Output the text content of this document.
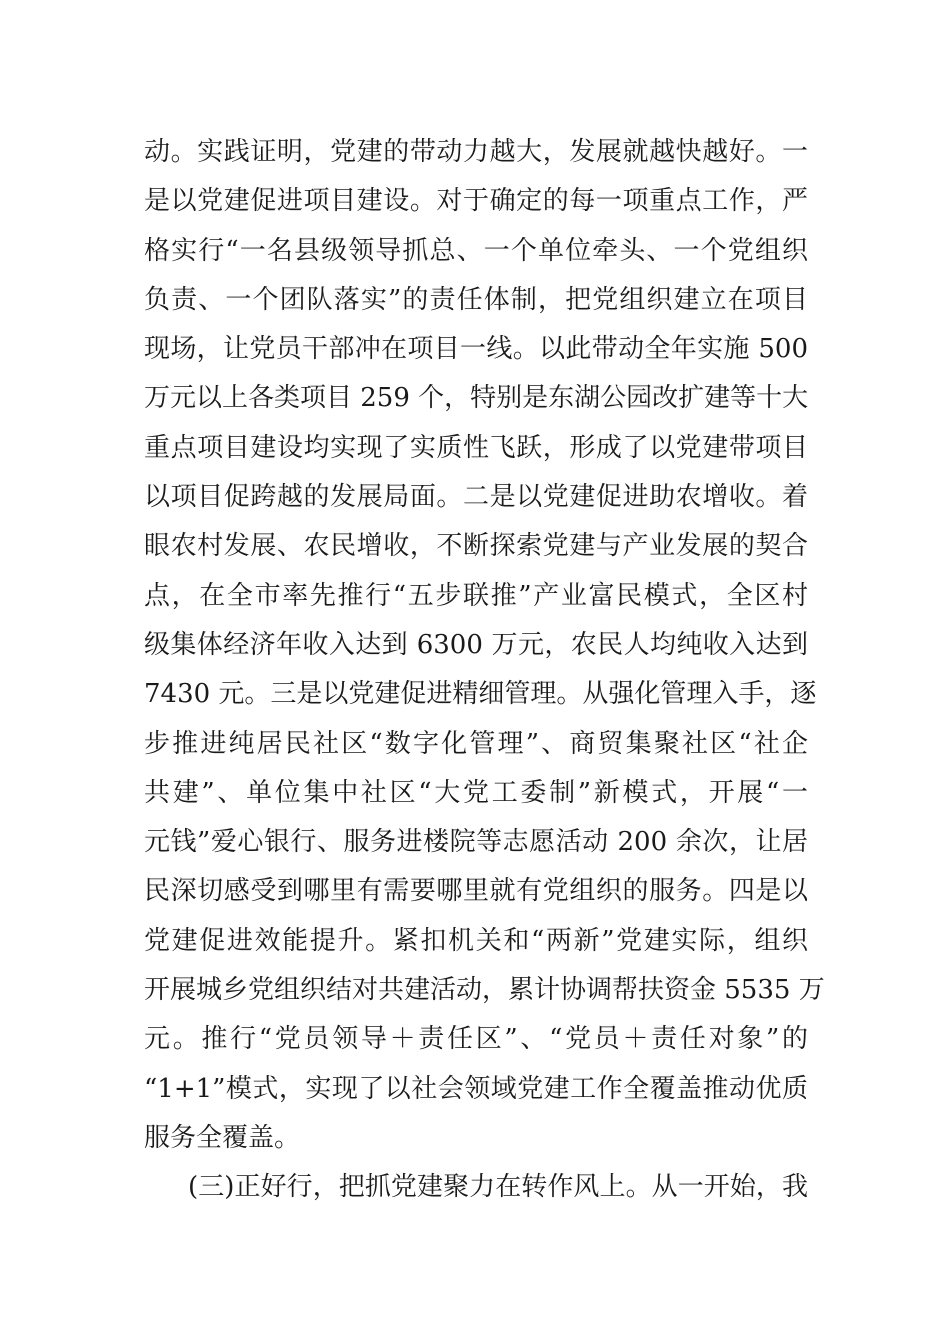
动。实践证明，党建的带动力越大，发展就越快越好。一
是以党建促进项目建设。对于确定的每一项重点工作，严
格实行“一名县级领导抓总、一个单位牵头、一个党组织
负责、一个团队落实”的责任体制，把党组织建立在项目
现场，让党员干部冲在项目一线。以此带动全年实施 500
万元以上各类项目 259 个，特别是东湖公园改扩建等十大
重点项目建设均实现了实质性飞跃，形成了以党建带项目
以项目促跨越的发展局面。二是以党建促进助农增收。着
眼农村发展、农民增收，不断探索党建与产业发展的契合
点，在全市率先推行“五步联推”产业富民模式，全区村
级集体经济年收入达到 6300 万元，农民人均纯收入达到
7430 元。三是以党建促进精细管理。从强化管理入手，逐
步推进纯居民社区“数字化管理”、商贸集聚社区“社企
共建”、单位集中社区“大党工委制”新模式，开展“一
元钱”爱心银行、服务进楼院等志愿活动 200 余次，让居
民深切感受到哪里有需要哪里就有党组织的服务。四是以
党建促进效能提升。紧扣机关和“两新”党建实际，组织
开展城乡党组织结对共建活动，累计协调帮扶资金 5535 万
元。推行“党员领导＋责任区”、“党员＋责任对象”的
“1+1”模式，实现了以社会领域党建工作全覆盖推动优质
服务全覆盖。
(三)正好行，把抓党建聚力在转作风上。从一开始，我
